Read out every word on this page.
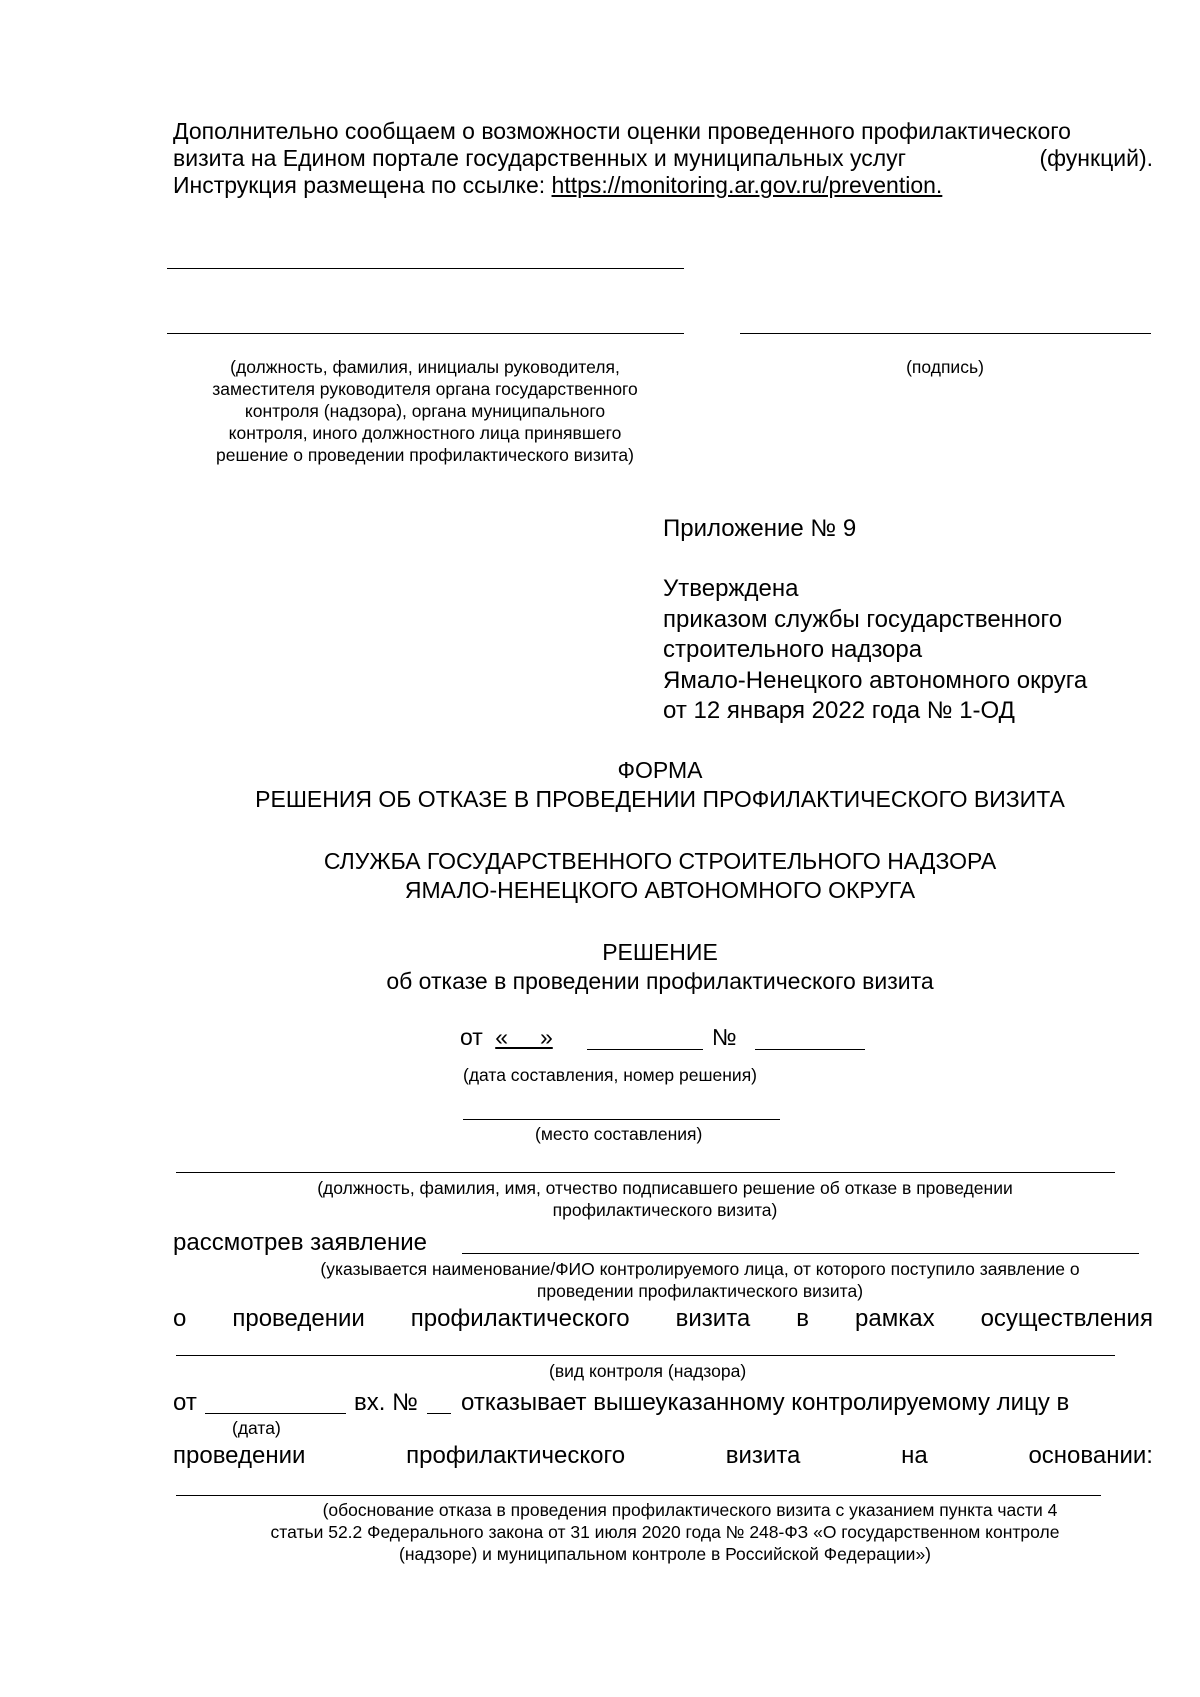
Дополнительно сообщаем о возможности оценки проведенного профилактического
визита на Едином портале государственных и муниципальных услуг	(функций).
Инструкция размещена по ссылке: https://monitoring.ar.gov.ru/prevention.
(должность, фамилия, инициалы руководителя,
заместителя руководителя органа государственного
контроля (надзора), органа муниципального
контроля, иного должностного лица принявшего
решение о проведении профилактического визита)
(подпись)
Приложение № 9
Утверждена
приказом службы государственного
строительного надзора
Ямало-Ненецкого автономного округа
от 12 января 2022 года № 1-ОД
ФОРМА
РЕШЕНИЯ ОБ ОТКАЗЕ В ПРОВЕДЕНИИ ПРОФИЛАКТИЧЕСКОГО ВИЗИТА
СЛУЖБА ГОСУДАРСТВЕННОГО СТРОИТЕЛЬНОГО НАДЗОРА
ЯМАЛО-НЕНЕЦКОГО АВТОНОМНОГО ОКРУГА
РЕШЕНИЕ
об отказе в проведении профилактического визита
от «     »	№
(дата составления, номер решения)
(место составления)
(должность, фамилия, имя, отчество подписавшего решение об отказе в проведении
профилактического визита)
рассмотрев заявление
(указывается наименование/ФИО контролируемого лица, от которого поступило заявление о
проведении профилактического визита)
о проведении профилактического визита в рамках осуществления
(вид контроля (надзора)
от	вх. № отказывает вышеуказанному контролируемому лицу в
(дата)
проведении	профилактического	визита	на	основании:
(обоснование отказа в проведения профилактического визита с указанием пункта части 4
статьи 52.2 Федерального закона от 31 июля 2020 года № 248-ФЗ «О государственном контроле
(надзоре) и муниципальном контроле в Российской Федерации»)
